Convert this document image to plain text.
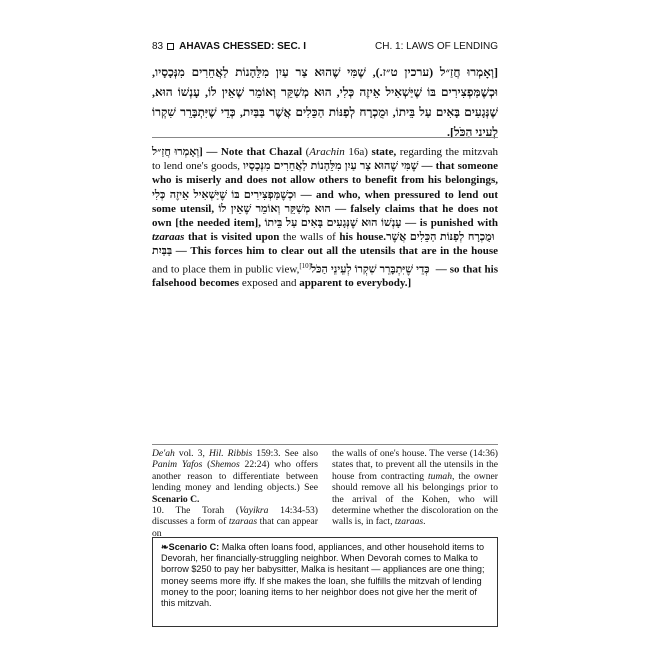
83 AHAVAS CHESSED: SEC. I	CH. 1: LAWS OF LENDING
[וְאָמְרוּ חֲזַ״ל (ערכין ט״ז.), שֶׁמִּי שֶׁהוּא צַר עַיִן מִלֵּהָנוֹת לַאֲחֵרִים מִנְּכָסָיו, וּכְשֶׁמַּפְצִירִים בּוֹ שֶׁיַּשְׁאִיל אֵיזֶה כְּלִי, הוּא מְשַׁקֵּר וְאוֹמֵר שֶׁאֵין לוֹ, עָנְשׁוֹ הוּא, שֶׁנְּגָעִים בָּאִים עַל בֵּיתוֹ, וּמֻכְרָח לְפַנּוֹת הַכֵּלִים אֲשֶׁר בַּבַּיִת, כְּדֵי שֶׁיִּתְבָּרֵר שִׁקְרוֹ לְעֵינֵי הַכֹּל].
[וְאָמְרוּ חֲזַ״ל — Note that Chazal (Arachin 16a) state, regarding the mitzvah to lend one's goods, שֶׁמִּי שֶׁהוּא צַר עַיִן מִלֵּהָנוֹת לַאֲחֵרִים מִנְּכָסָיו — that someone who is miserly and does not allow others to benefit from his belongings, וּכְשֶׁמַּפְצִירִים בּוֹ שֶׁיַּשְׁאִיל אֵיזֶה כְּלִי — and who, when pressured to lend out some utensil, הוּא מְשַׁקֵּר וְאוֹמֵר שֶׁאֵין לוֹ — falsely claims that he does not own [the needed item], עָנְשׁוֹ הוּא שֶׁנְּגָעִים בָּאִים עַל בֵּיתוֹ — is punished with tzaraas that is visited upon the walls of his house. וּמֻכְרָח לְפַנּוֹת הַכֵּלִים אֲשֶׁר בַּבַּיִת — This forces him to clear out all the utensils that are in the house and to place them in public view,[10] כְּדֵי שֶׁיִּתְבָּרֵר שִׁקְרוֹ לְעֵינֵי הַכֹּל — so that his falsehood becomes exposed and apparent to everybody.]
De'ah vol. 3, Hil. Ribbis 159:3. See also Panim Yafos (Shemos 22:24) who offers another reason to differentiate between lending money and lending objects.) See Scenario C.
10. The Torah (Vayikra 14:34-53) discusses a form of tzaraas that can appear on
the walls of one's house. The verse (14:36) states that, to prevent all the utensils in the house from contracting tumah, the owner should remove all his belongings prior to the arrival of the Kohen, who will determine whether the discoloration on the walls is, in fact, tzaraas.
❧Scenario C: Malka often loans food, appliances, and other household items to Devorah, her financially-struggling neighbor. When Devorah comes to Malka to borrow $250 to pay her babysitter, Malka is hesitant — appliances are one thing; money seems more iffy. If she makes the loan, she fulfills the mitzvah of lending money to the poor; loaning items to her neighbor does not give her the merit of this mitzvah.
